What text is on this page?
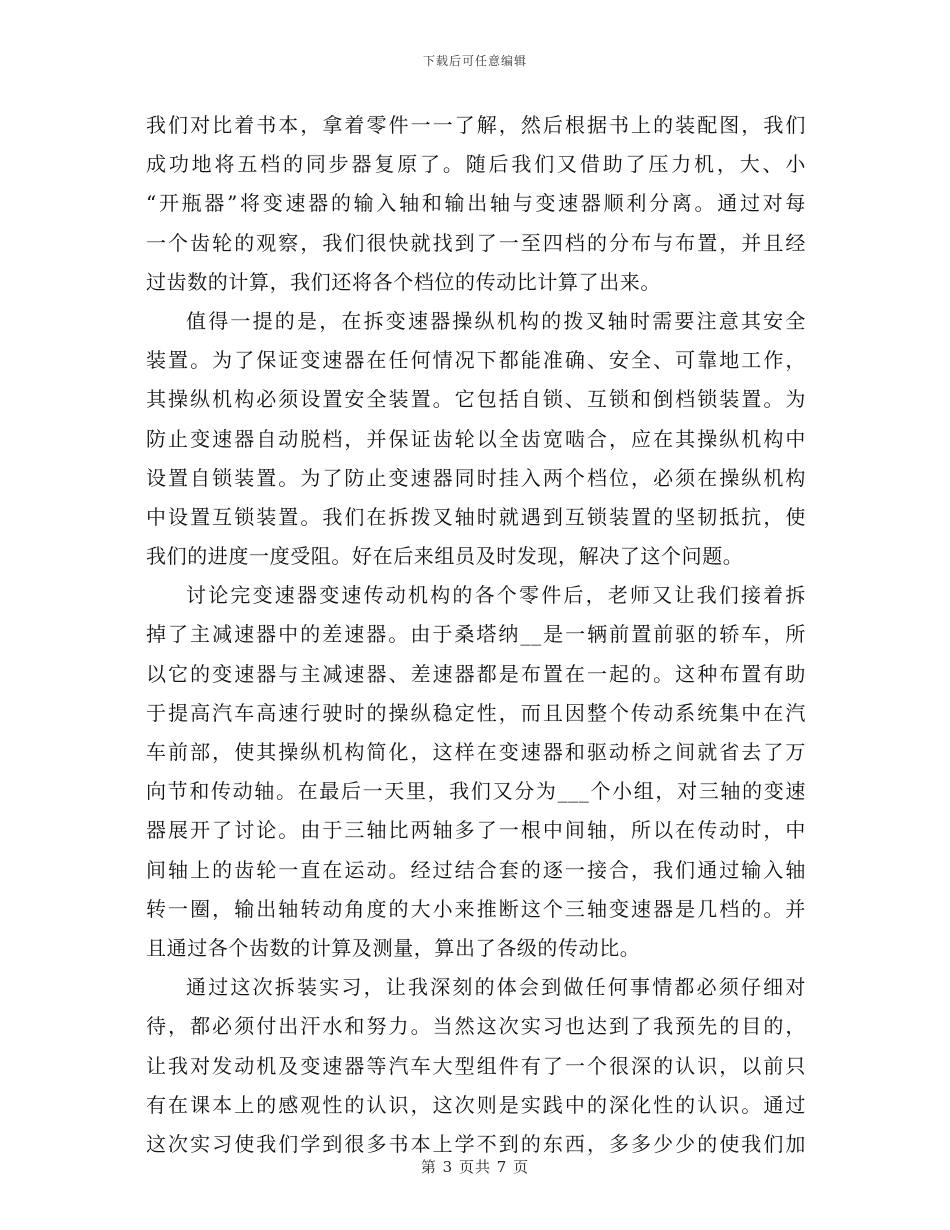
下载后可任意编辑
我们对比着书本，拿着零件一一了解，然后根据书上的装配图，我们
成功地将五档的同步器复原了。随后我们又借助了压力机，大、小
“开瓶器”将变速器的输入轴和输出轴与变速器顺利分离。通过对每
一个齿轮的观察，我们很快就找到了一至四档的分布与布置，并且经
过齿数的计算，我们还将各个档位的传动比计算了出来。
值得一提的是，在拆变速器操纵机构的拨叉轴时需要注意其安全
装置。为了保证变速器在任何情况下都能准确、安全、可靠地工作，
其操纵机构必须设置安全装置。它包括自锁、互锁和倒档锁装置。为
防止变速器自动脱档，并保证齿轮以全齿宽啮合，应在其操纵机构中
设置自锁装置。为了防止变速器同时挂入两个档位，必须在操纵机构
中设置互锁装置。我们在拆拨叉轴时就遇到互锁装置的坚韧抵抗，使
我们的进度一度受阻。好在后来组员及时发现，解决了这个问题。
讨论完变速器变速传动机构的各个零件后，老师又让我们接着拆
掉了主减速器中的差速器。由于桑塔纳__是一辆前置前驱的轿车，所
以它的变速器与主减速器、差速器都是布置在一起的。这种布置有助
于提高汽车高速行驶时的操纵稳定性，而且因整个传动系统集中在汽
车前部，使其操纵机构简化，这样在变速器和驱动桥之间就省去了万
向节和传动轴。在最后一天里，我们又分为___个小组，对三轴的变速
器展开了讨论。由于三轴比两轴多了一根中间轴，所以在传动时，中
间轴上的齿轮一直在运动。经过结合套的逐一接合，我们通过输入轴
转一圈，输出轴转动角度的大小来推断这个三轴变速器是几档的。并
且通过各个齿数的计算及测量，算出了各级的传动比。
通过这次拆装实习，让我深刻的体会到做任何事情都必须仔细对
待，都必须付出汗水和努力。当然这次实习也达到了我预先的目的，
让我对发动机及变速器等汽车大型组件有了一个很深的认识，以前只
有在课本上的感观性的认识，这次则是实践中的深化性的认识。通过
这次实习使我们学到很多书本上学不到的东西，多多少少的使我们加
第 3 页共 7 页
